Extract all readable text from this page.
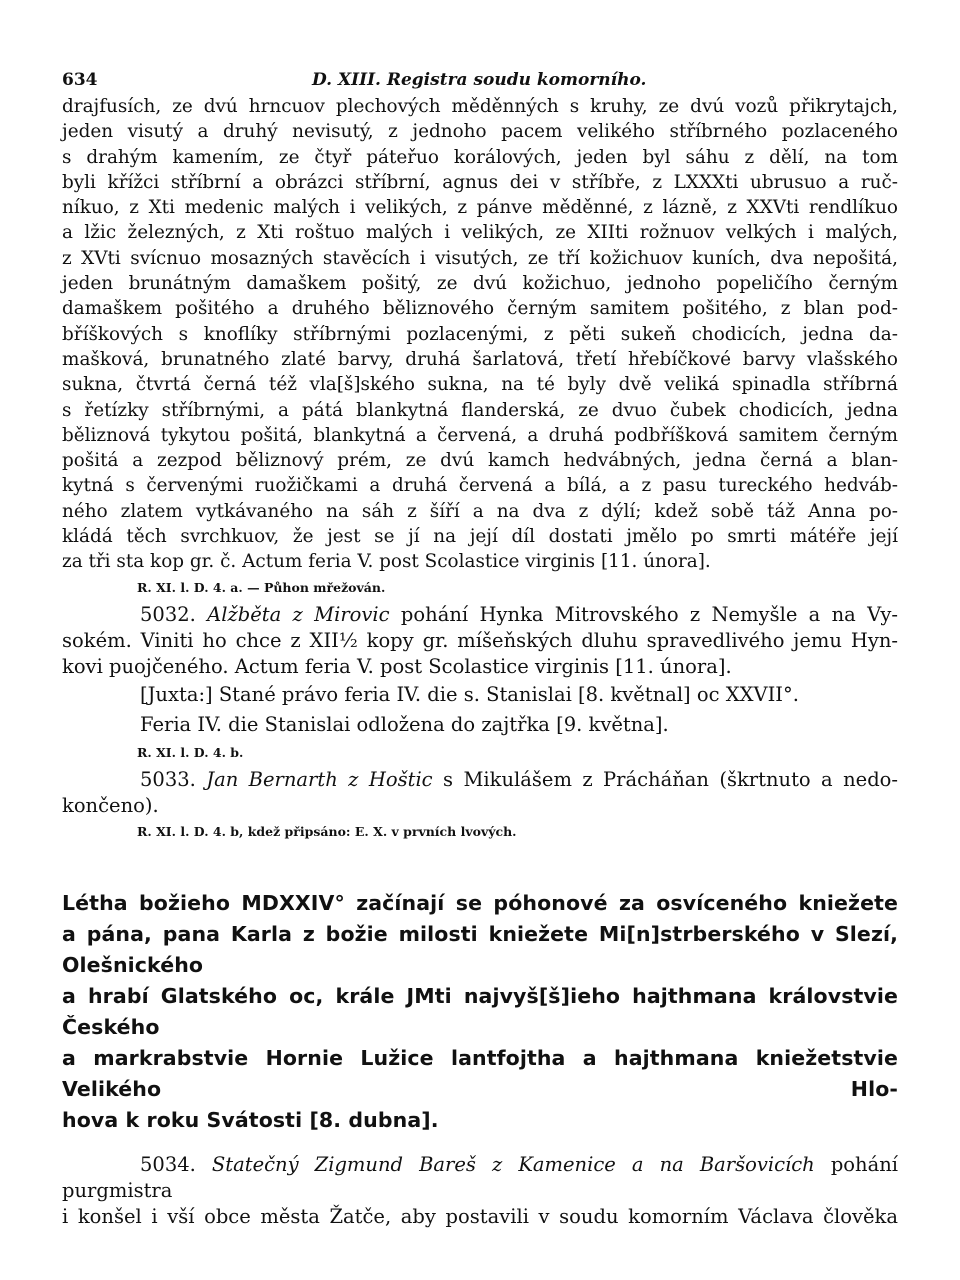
634	D. XIII. Registra soudu komorního.
drajfusích, ze dvú hrncuov plechových měděnných s kruhy, ze dvú vozů přikrytajch,
jeden visutý a druhý nevisutý, z jednoho pacem velikého stříbrného pozlaceného
s drahým kamením, ze čtyř páteřuo korálových, jeden byl sáhu z dělí, na tom
byli křížci stříbrní a obrázci stříbrní, agnus dei v stříbře, z LXXXti ubrusuo a ruč-
níkuo, z Xti medenic malých i velikých, z pánve měděnné, z lázně, z XXVti rendlíkuo
a lžic železných, z Xti roštuo malých i velikých, ze XIIti rožnuov velkých i malých,
z XVti svícnuo mosazných stavěcích i visutých, ze tří kožichuov kuních, dva nepošitá,
jeden brunátným damaškem pošitý, ze dvú kožichuo, jednoho popeličího černým
damaškem pošitého a druhého běliznového černým samitem pošitého, z blan pod-
bříškových s knoflíky stříbrnými pozlacenými, z pěti sukeň chodicích, jedna da-
mašková, brunatného zlaté barvy, druhá šarlatová, třetí hřebíčkové barvy vlašského
sukna, čtvrtá černá též vla[š]ského sukna, na té byly dvě veliká spinadla stříbrná
s řetízky stříbrnými, a pátá blankytná flanderská, ze dvuo čubek chodicích, jedna
běliznová tykytou pošitá, blankytná a červená, a druhá podbříšková samitem černým
pošitá a zezpod běliznový prém, ze dvú kamch hedvábných, jedna černá a blan-
kytná s červenými ruožičkami a druhá červená a bílá, a z pasu tureckého hedváb-
ného zlatem vytkávaného na sáh z šíří a na dva z dýlí; kdež sobě táž Anna po-
kládá těch svrchkuov, že jest se jí na její díl dostati jmělo po smrti mátéře její
za tři sta kop gr. č. Actum feria V. post Scolastice virginis [11. února].
R. XI. l. D. 4. a. — Půhon mřežován.
5032. Alžběta z Mirovic pohání Hynka Mitrovského z Nemyšle a na Vy-
sokém. Viniti ho chce z XII½ kopy gr. míšeňských dluhu spravedlivého jemu Hyn-
kovi puojčeného. Actum feria V. post Scolastice virginis [11. února].
[Juxta:] Stané právo feria IV. die s. Stanislai [8. květnal] oc XXVII°.
Feria IV. die Stanislai odložena do zajtřka [9. května].
R. XI. l. D. 4. b.
5033. Jan Bernarth z Hoštic s Mikulášem z Prácháňan (škrtnuto a nedo-
končeno).
R. XI. l. D. 4. b, kdež připsáno: E. X. v prvních lvových.
Létha božieho MDXXIV° začínají se póhonové za osvíceného kniežete
a pána, pana Karla z božie milosti kniežete Mi[n]strberského v Slezí, Olešnického
a hrabí Glatského oc, krále JMti najvyš[š]ieho hajthmana královstvie Českého
a markrabstvie Hornie Lužice lantfojtha a hajthmana kniežetstvie Velikého Hlo-
hova k roku Svátosti [8. dubna].
5034. Statečný Zigmund Bareš z Kamenice a na Baršovicích pohání purgmistra
i konšel i vší obce města Žatče, aby postavili v soudu komorním Václava člověka
